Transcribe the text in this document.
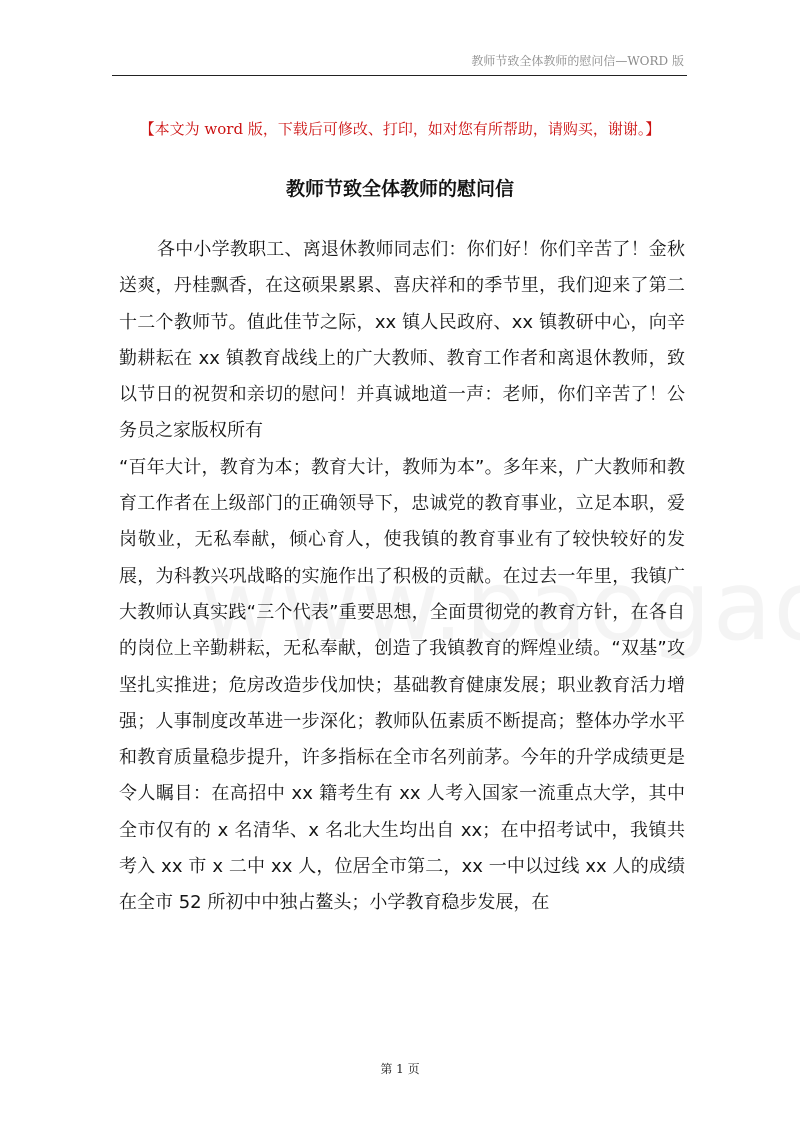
教师节致全体教师的慰问信—WORD 版
【本文为 word 版，下载后可修改、打印，如对您有所帮助，请购买，谢谢。】
教师节致全体教师的慰问信

各中小学教职工、离退休教师同志们：你们好！你们辛苦了！金秋送爽，丹桂飘香，在这硕果累累、喜庆祥和的季节里，我们迎来了第二十二个教师节。值此佳节之际，xx 镇人民政府、xx 镇教研中心，向辛勤耕耘在 xx 镇教育战线上的广大教师、教育工作者和离退休教师，致以节日的祝贺和亲切的慰问！并真诚地道一声：老师，你们辛苦了！公务员之家版权所有

“百年大计，教育为本；教育大计，教师为本”。多年来，广大教师和教育工作者在上级部门的正确领导下，忠诚党的教育事业，立足本职，爱岗敬业，无私奉献，倾心育人，使我镇的教育事业有了较快较好的发展，为科教兴巩战略的实施作出了积极的贡献。在过去一年里，我镇广大教师认真实践“三个代表”重要思想，全面贯彻党的教育方针，在各自的岗位上辛勤耕耘，无私奉献，创造了我镇教育的辉煌业绩。“双基”攻坚扎实推进；危房改造步伐加快；基础教育健康发展；职业教育活力增强；人事制度改革进一步深化；教师队伍素质不断提高；整体办学水平和教育质量稳步提升，许多指标在全市名列前茅。今年的升学成绩更是令人瞩目：在高招中 xx 籍考生有 xx 人考入国家一流重点大学，其中全市仅有的 x 名清华、x 名北大生均出自 xx；在中招考试中，我镇共考入 xx 市 x 二中 xx 人，位居全市第二，xx 一中以过线 xx 人的成绩在全市 52 所初中中独占鳌头；小学教育稳步发展，在

第 1 页
